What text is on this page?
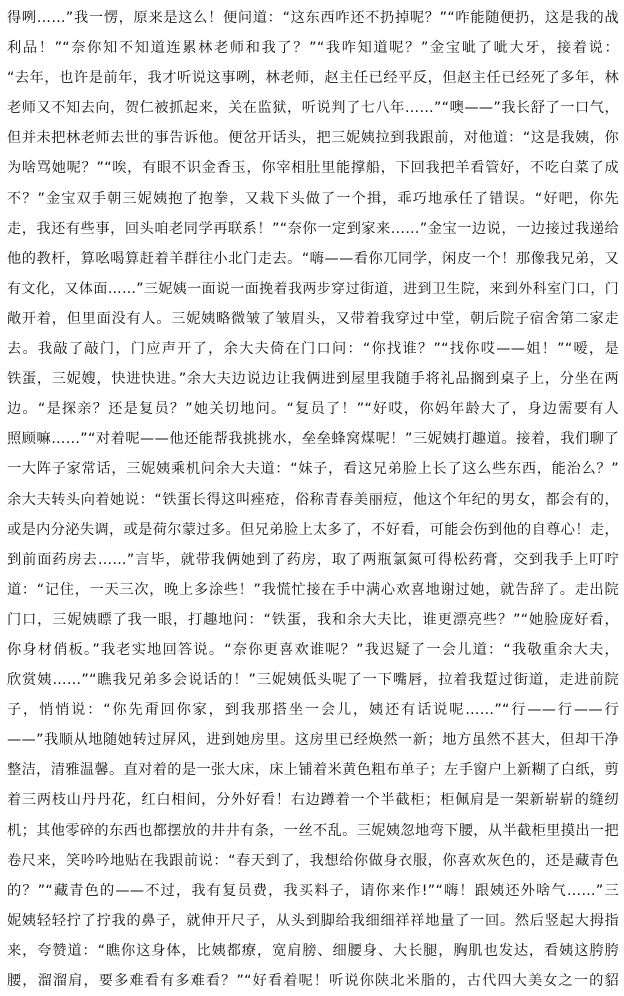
得咧……”我一愣，原来是这么！便问道：“这东西咋还不扔掉呢？”“咋能随便扔，这是我的战
利品！”“奈你知不知道连累林老师和我了？”“我咋知道呢？”金宝呲了呲大牙，接着说：
“去年，也许是前年，我才听说这事咧，林老师，赵主任已经平反，但赵主任已经死了多年，林
老师又不知去向，贺仁被抓起来，关在监狱，听说判了七八年……”“噢——”我长舒了一口气，
但并未把林老师去世的事告诉他。便岔开话头，把三妮姨拉到我跟前，对他道：“这是我姨，你
为啥骂她呢？”“唉，有眼不识金香玉，你宰相肚里能撑船，下回我把羊看管好，不吃白菜了成
不？”金宝双手朝三妮姨抱了抱拳，又栽下头做了一个揖，乖巧地承任了错误。“好吧，你先
走，我还有些事，回头咱老同学再联系！”“奈你一定到家来……”金宝一边说，一边接过我递给
他的教杆，算吆喝算赶着羊群往小北门走去。“嗨——看你兀同学，闲皮一个！那像我兄弟，又
有文化，又体面……”三妮姨一面说一面挽着我两步穿过街道，进到卫生院，来到外科室门口，门
敞开着，但里面没有人。三妮姨略微皱了皱眉头，又带着我穿过中堂，朝后院子宿舍第二家走
去。我敲了敲门，门应声开了，余大夫倚在门口问：“你找谁？”“找你哎——姐！”“嗳，是
铁蛋，三妮嫂，快进快进。”余大夫边说边让我俩进到屋里我随手将礼品搁到桌子上，分坐在两
边。“是探亲？还是复员？”她关切地问。“复员了！”“好哎，你妈年龄大了，身边需要有人
照顾嘛……”“对着呢——他还能帮我挑挑水，垒垒蜂窝煤呢！”三妮姨打趣道。接着，我们聊了
一大阵子家常话，三妮姨乘机问余大夫道：“妹子，看这兄弟脸上长了这么些东西，能治么？”
余大夫转头向着她说：“铁蛋长得这叫痤疮，俗称青春美丽痘，他这个年纪的男女，都会有的，
或是内分泌失调，或是荷尔蒙过多。但兄弟脸上太多了，不好看，可能会伤到他的自尊心！走，
到前面药房去……”言毕，就带我俩她到了药房，取了两瓶氯氮可得松药膏，交到我手上叮咛
道：“记住，一天三次，晚上多涂些！”我慌忙接在手中满心欢喜地谢过她，就告辞了。走出院
门口，三妮姨瞟了我一眼，打趣地问：“铁蛋，我和余大夫比，谁更漂亮些？”“她脸庞好看，
你身材俏板。”我老实地回答说。“奈你更喜欢谁呢？”我迟疑了一会儿道：“我敬重余大夫，
欣赏姨……”“瞧我兄弟多会说话的！”三妮姨低头呢了一下嘴唇，拉着我踅过街道，走进前院
子，悄悄说：“你先甭回你家，到我那搭坐一会儿，姨还有话说呢……”“行——行——行
——”我顺从地随她转过屏风，进到她房里。这房里已经焕然一新；地方虽然不甚大，但却干净
整洁，清雅温馨。直对着的是一张大床，床上铺着米黄色粗布单子；左手窗户上新糊了白纸，剪
着三两枝山丹丹花，红白相间，分外好看！右边蹲着一个半截柜；柜佩肩是一架新崭崭的缝纫
机；其他零碎的东西也都摆放的井井有条，一丝不乱。三妮姨忽地弯下腰，从半截柜里摸出一把
卷尺来，笑吟吟地贴在我跟前说：“春天到了，我想给你做身衣服，你喜欢灰色的，还是藏青色
的？”“藏青色的——不过，我有复员费，我买料子，请你来作!”“嗨！跟姨还外啥气……”三
妮姨轻轻拧了拧我的鼻子，就伸开尺子，从头到脚给我细细祥祥地量了一回。然后竖起大拇指
来，夸赞道：“瞧你这身体，比姨都療，宽肩膀、细腰身、大长腿，胸肌也发达，看姨这胯胯
腰，溜溜肩，要多难看有多难看？”“好看着呢！听说你陕北米脂的，古代四大美女之一的貂
